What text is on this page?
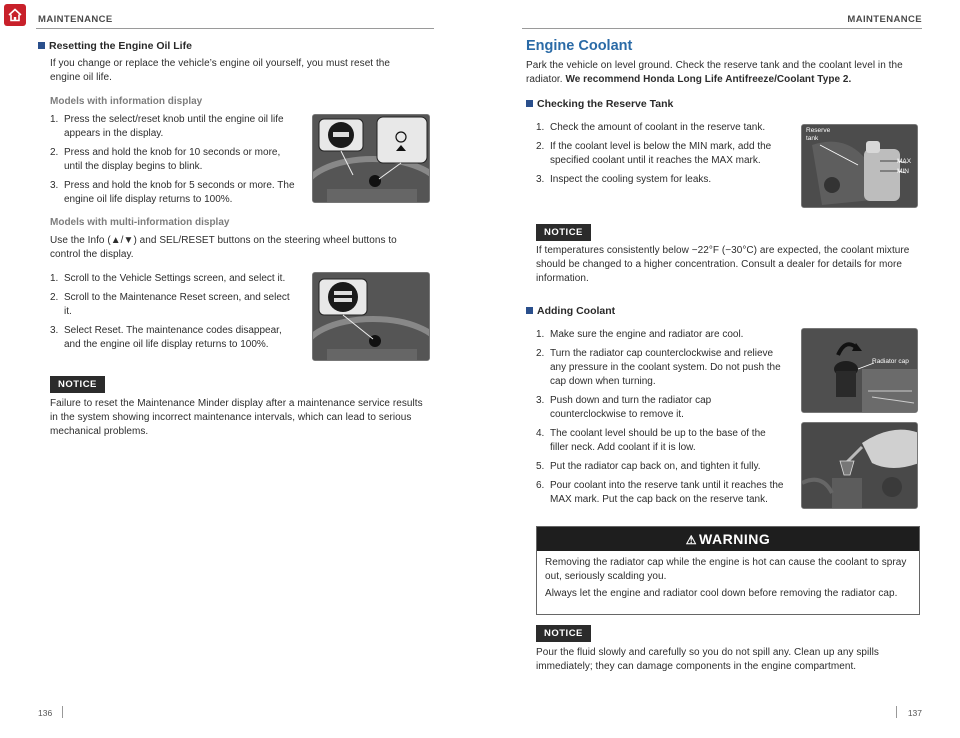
MAINTENANCE	MAINTENANCE
Resetting the Engine Oil Life
If you change or replace the vehicle’s engine oil yourself, you must reset the engine oil life.
Models with information display
1. Press the select/reset knob until the engine oil life appears in the display.
2. Press and hold the knob for 10 seconds or more, until the display begins to blink.
3. Press and hold the knob for 5 seconds or more. The engine oil life display returns to 100%.
Models with multi-information display
Use the Info (▲/▼) and SEL/RESET buttons on the steering wheel buttons to control the display.
1. Scroll to the Vehicle Settings screen, and select it.
2. Scroll to the Maintenance Reset screen, and select it.
3. Select Reset. The maintenance codes disappear, and the engine oil life display returns to 100%.
NOTICE
Failure to reset the Maintenance Minder display after a maintenance service results in the system showing incorrect maintenance intervals, which can lead to serious mechanical problems.
Engine Coolant
Park the vehicle on level ground. Check the reserve tank and the coolant level in the radiator. We recommend Honda Long Life Antifreeze/Coolant Type 2.
Checking the Reserve Tank
1. Check the amount of coolant in the reserve tank.
2. If the coolant level is below the MIN mark, add the specified coolant until it reaches the MAX mark.
3. Inspect the cooling system for leaks.
Reserve tank
MAX
MIN
NOTICE
If temperatures consistently below −22°F (−30°C) are expected, the coolant mixture should be changed to a higher concentration. Consult a dealer for details for more information.
Adding Coolant
1. Make sure the engine and radiator are cool.
2. Turn the radiator cap counterclockwise and relieve any pressure in the coolant system. Do not push the cap down when turning.
3. Push down and turn the radiator cap counterclockwise to remove it.
4. The coolant level should be up to the base of the filler neck. Add coolant if it is low.
5. Put the radiator cap back on, and tighten it fully.
6. Pour coolant into the reserve tank until it reaches the MAX mark. Put the cap back on the reserve tank.
Radiator cap
⚠ WARNING
Removing the radiator cap while the engine is hot can cause the coolant to spray out, seriously scalding you.
Always let the engine and radiator cool down before removing the radiator cap.
NOTICE
Pour the fluid slowly and carefully so you do not spill any. Clean up any spills immediately; they can damage components in the engine compartment.
136	137
